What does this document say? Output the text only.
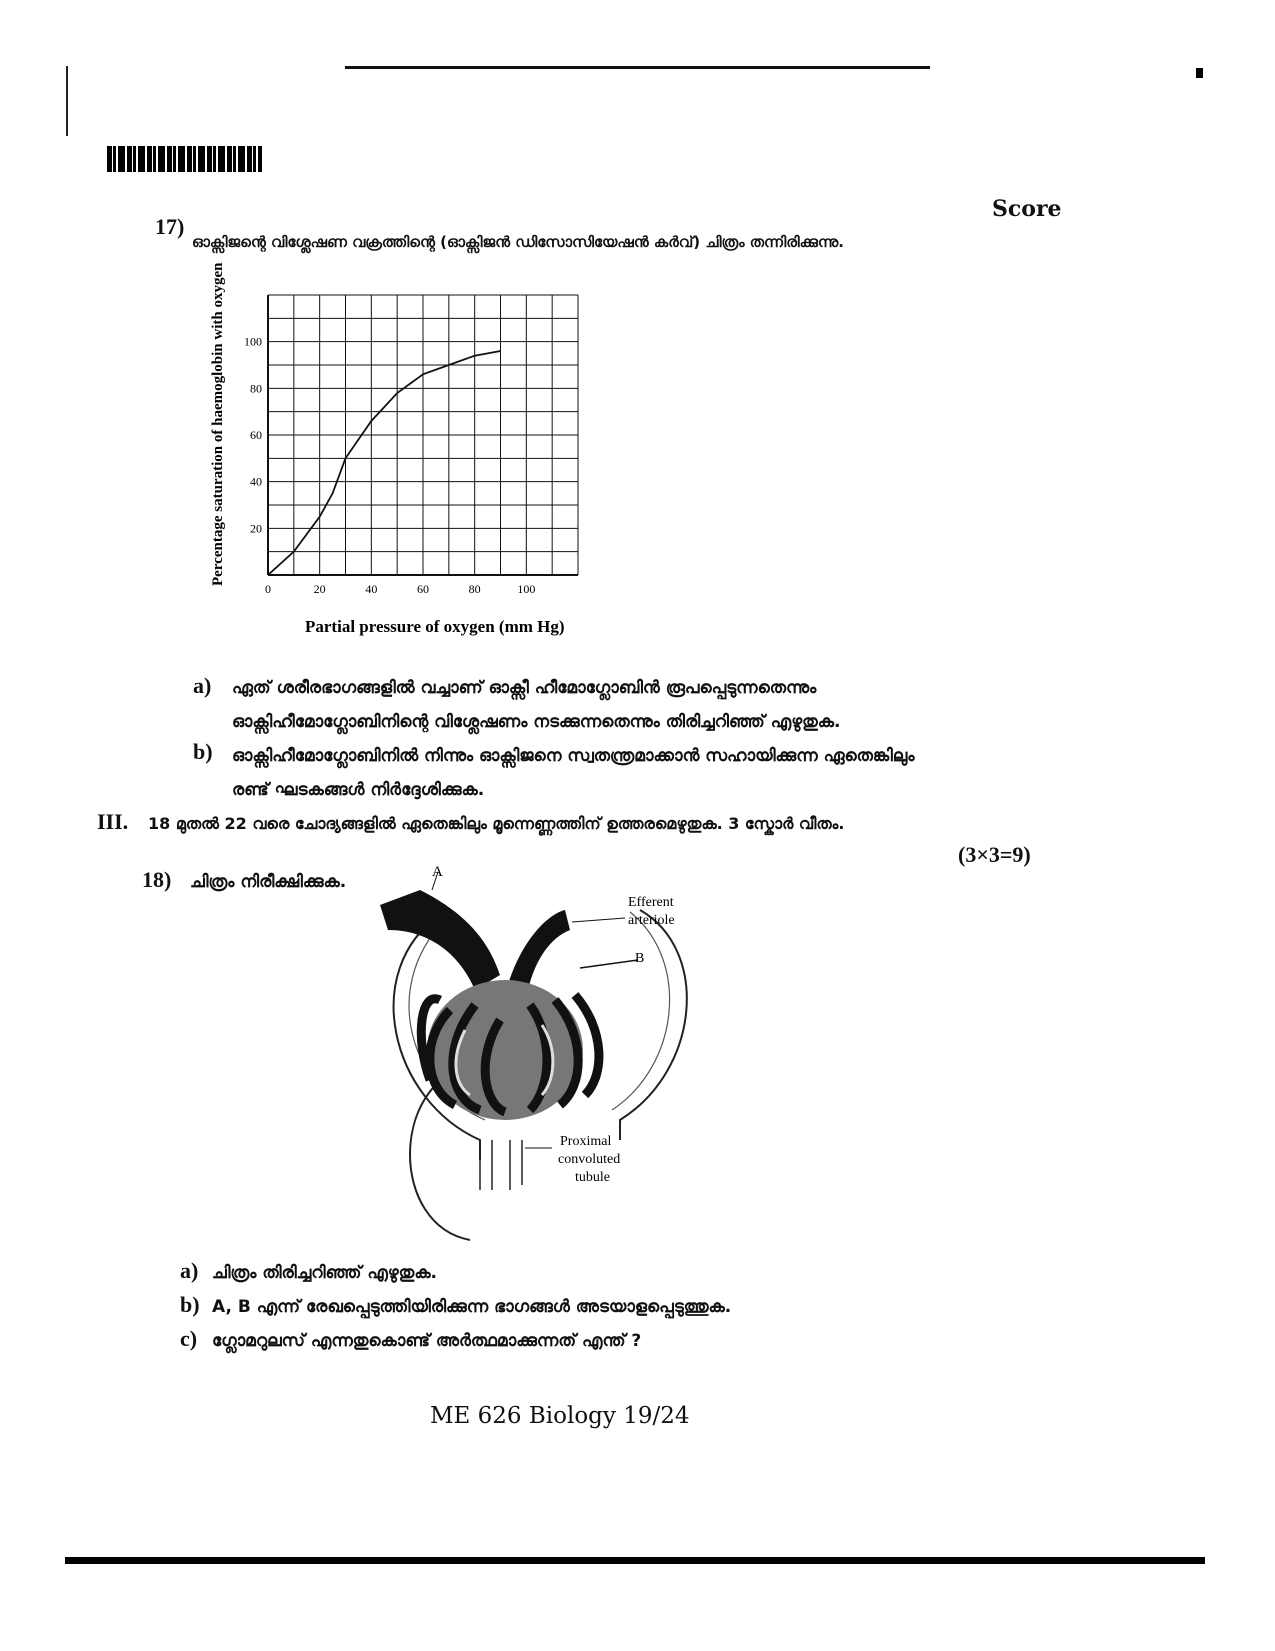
Score
17)
ഓക്സിജന്റെ വിശ്ലേഷണ വക്രത്തിന്റെ (ഓക്സിജൻ ഡിസോസിയേഷൻ കർവ്) ചിത്രം തന്നിരിക്കുന്നു.
0	20	40	60	80	100
20
40
60
80
100
Percentage saturation of haemoglobin with oxygen
Partial pressure of oxygen (mm Hg)
a) ഏത് ശരീരഭാഗങ്ങളിൽ വച്ചാണ് ഓക്സീ ഹീമോഗ്ലോബിൻ രൂപപ്പെടുന്നതെന്നും
ഓക്സിഹീമോഗ്ലോബിനിന്റെ വിശ്ലേഷണം നടക്കുന്നതെന്നും തിരിച്ചറിഞ്ഞ് എഴുതുക.
b) ഓക്സിഹീമോഗ്ലോബിനിൽ നിന്നും ഓക്സിജനെ സ്വതന്ത്രമാക്കാൻ സഹായിക്കുന്ന ഏതെങ്കിലും
രണ്ട് ഘടകങ്ങൾ നിർദ്ദേശിക്കുക.
III. 18 മുതൽ 22 വരെ ചോദ്യങ്ങളിൽ ഏതെങ്കിലും മൂന്നെണ്ണത്തിന് ഉത്തരമെഴുതുക. 3 സ്കോർ വീതം.
(3×3=9)
18) ചിത്രം നിരീക്ഷിക്കുക.	A
Efferent
arteriole
B
Proximal
convoluted
tubule
a) ചിത്രം തിരിച്ചറിഞ്ഞ് എഴുതുക.
b) A, B എന്ന് രേഖപ്പെടുത്തിയിരിക്കുന്ന ഭാഗങ്ങൾ അടയാളപ്പെടുത്തുക.
c) ഗ്ലോമറുലസ് എന്നതുകൊണ്ട് അർത്ഥമാക്കുന്നത് എന്ത് ?
ME 626 Biology 19/24
